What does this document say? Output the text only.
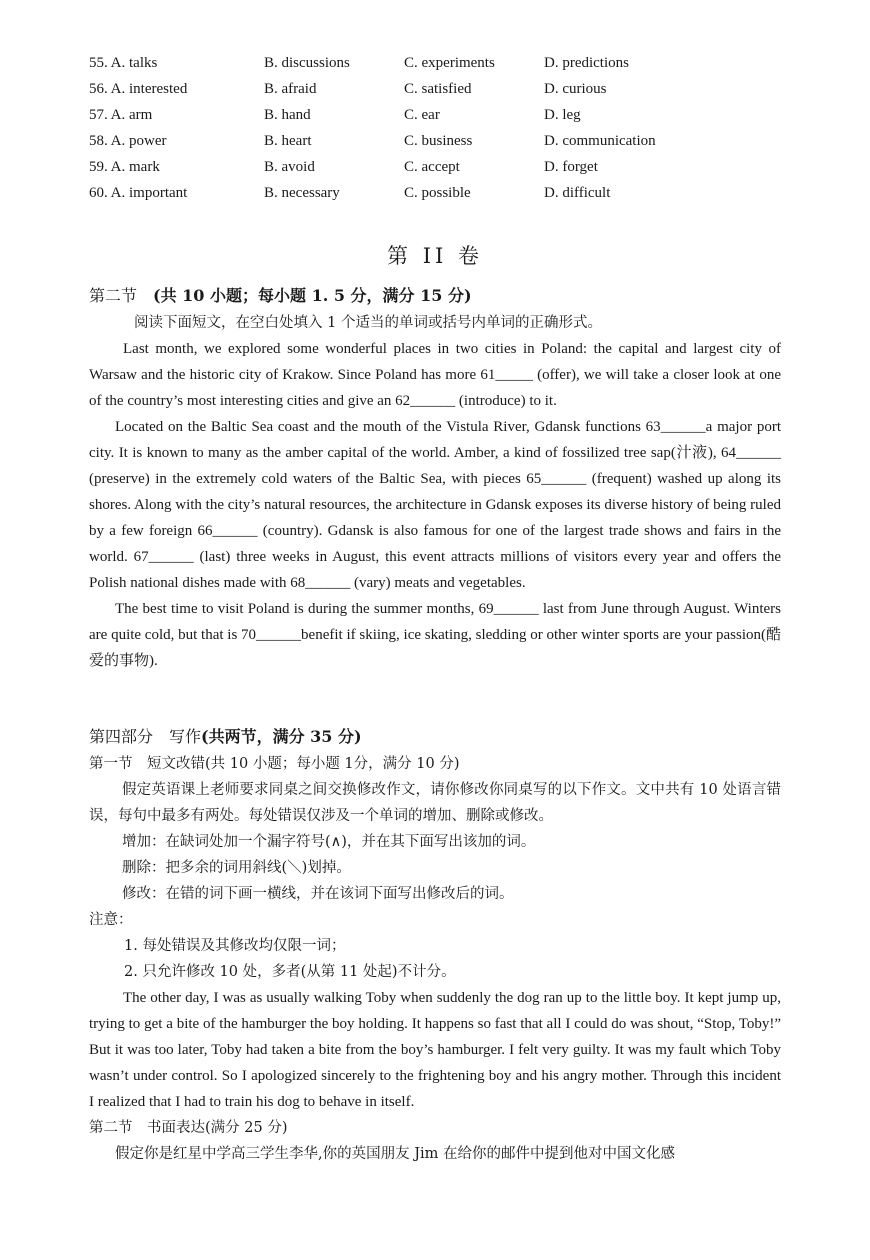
55. A. talks	B. discussions	C. experiments	D. predictions
56. A. interested	B. afraid	C. satisfied	D. curious
57. A. arm	B. hand	C. ear	D. leg
58. A. power	B. heart	C. business	D. communication
59. A. mark	B. avoid	C. accept	D. forget
60. A. important	B. necessary	C. possible	D. difficult
第 II 卷
第二节　(共 10 小题；每小题 1. 5 分，满分 15 分)
阅读下面短文，在空白处填入 1 个适当的单词或括号内单词的正确形式。

Last month, we explored some wonderful places in two cities in Poland: the capital and largest city of Warsaw and the historic city of Krakow. Since Poland has more 61_____ (offer), we will take a closer look at one of the country’s most interesting cities and give an 62______ (introduce) to it.

Located on the Baltic Sea coast and the mouth of the Vistula River, Gdansk functions 63______a major port city. It is known to many as the amber capital of the world. Amber, a kind of fossilized tree sap(汁液), 64______ (preserve) in the extremely cold waters of the Baltic Sea, with pieces 65______ (frequent) washed up along its shores. Along with the city’s natural resources, the architecture in Gdansk exposes its diverse history of being ruled by a few foreign 66______ (country). Gdansk is also famous for one of the largest trade shows and fairs in the world. 67______ (last) three weeks in August, this event attracts millions of visitors every year and offers the Polish national dishes made with 68______ (vary) meats and vegetables.

The best time to visit Poland is during the summer months, 69______ last from June through August. Winters are quite cold, but that is 70______benefit if skiing, ice skating, sledding or other winter sports are your passion(酷爱的事物).

第四部分　写作(共两节，满分 35 分)
第一节　短文改错(共 10 小题；每小题 1分，满分 10 分)
假定英语课上老师要求同桌之间交换修改作文，请你修改你同桌写的以下作文。文中共有 10 处语言错误，每句中最多有两处。每处错误仅涉及一个单词的增加、删除或修改。
增加：在缺词处加一个漏字符号(∧)，并在其下面写出该加的词。
删除：把多余的词用斜线(＼)划掉。
修改：在错的词下画一横线，并在该词下面写出修改后的词。
注意：
1. 每处错误及其修改均仅限一词；
2. 只允许修改 10 处，多者(从第 11 处起)不计分。

The other day, I was as usually walking Toby when suddenly the dog ran up to the little boy. It kept jump up, trying to get a bite of the hamburger the boy holding. It happens so fast that all I could do was shout, “Stop, Toby!” But it was too later, Toby had taken a bite from the boy’s hamburger. I felt very guilty. It was my fault which Toby wasn’t under control. So I apologized sincerely to the frightening boy and his angry mother. Through this incident I realized that I had to train his dog to behave in itself.

第二节　书面表达(满分 25 分)
假定你是红星中学高三学生李华,你的英国朋友 Jim 在给你的邮件中提到他对中国文化感
